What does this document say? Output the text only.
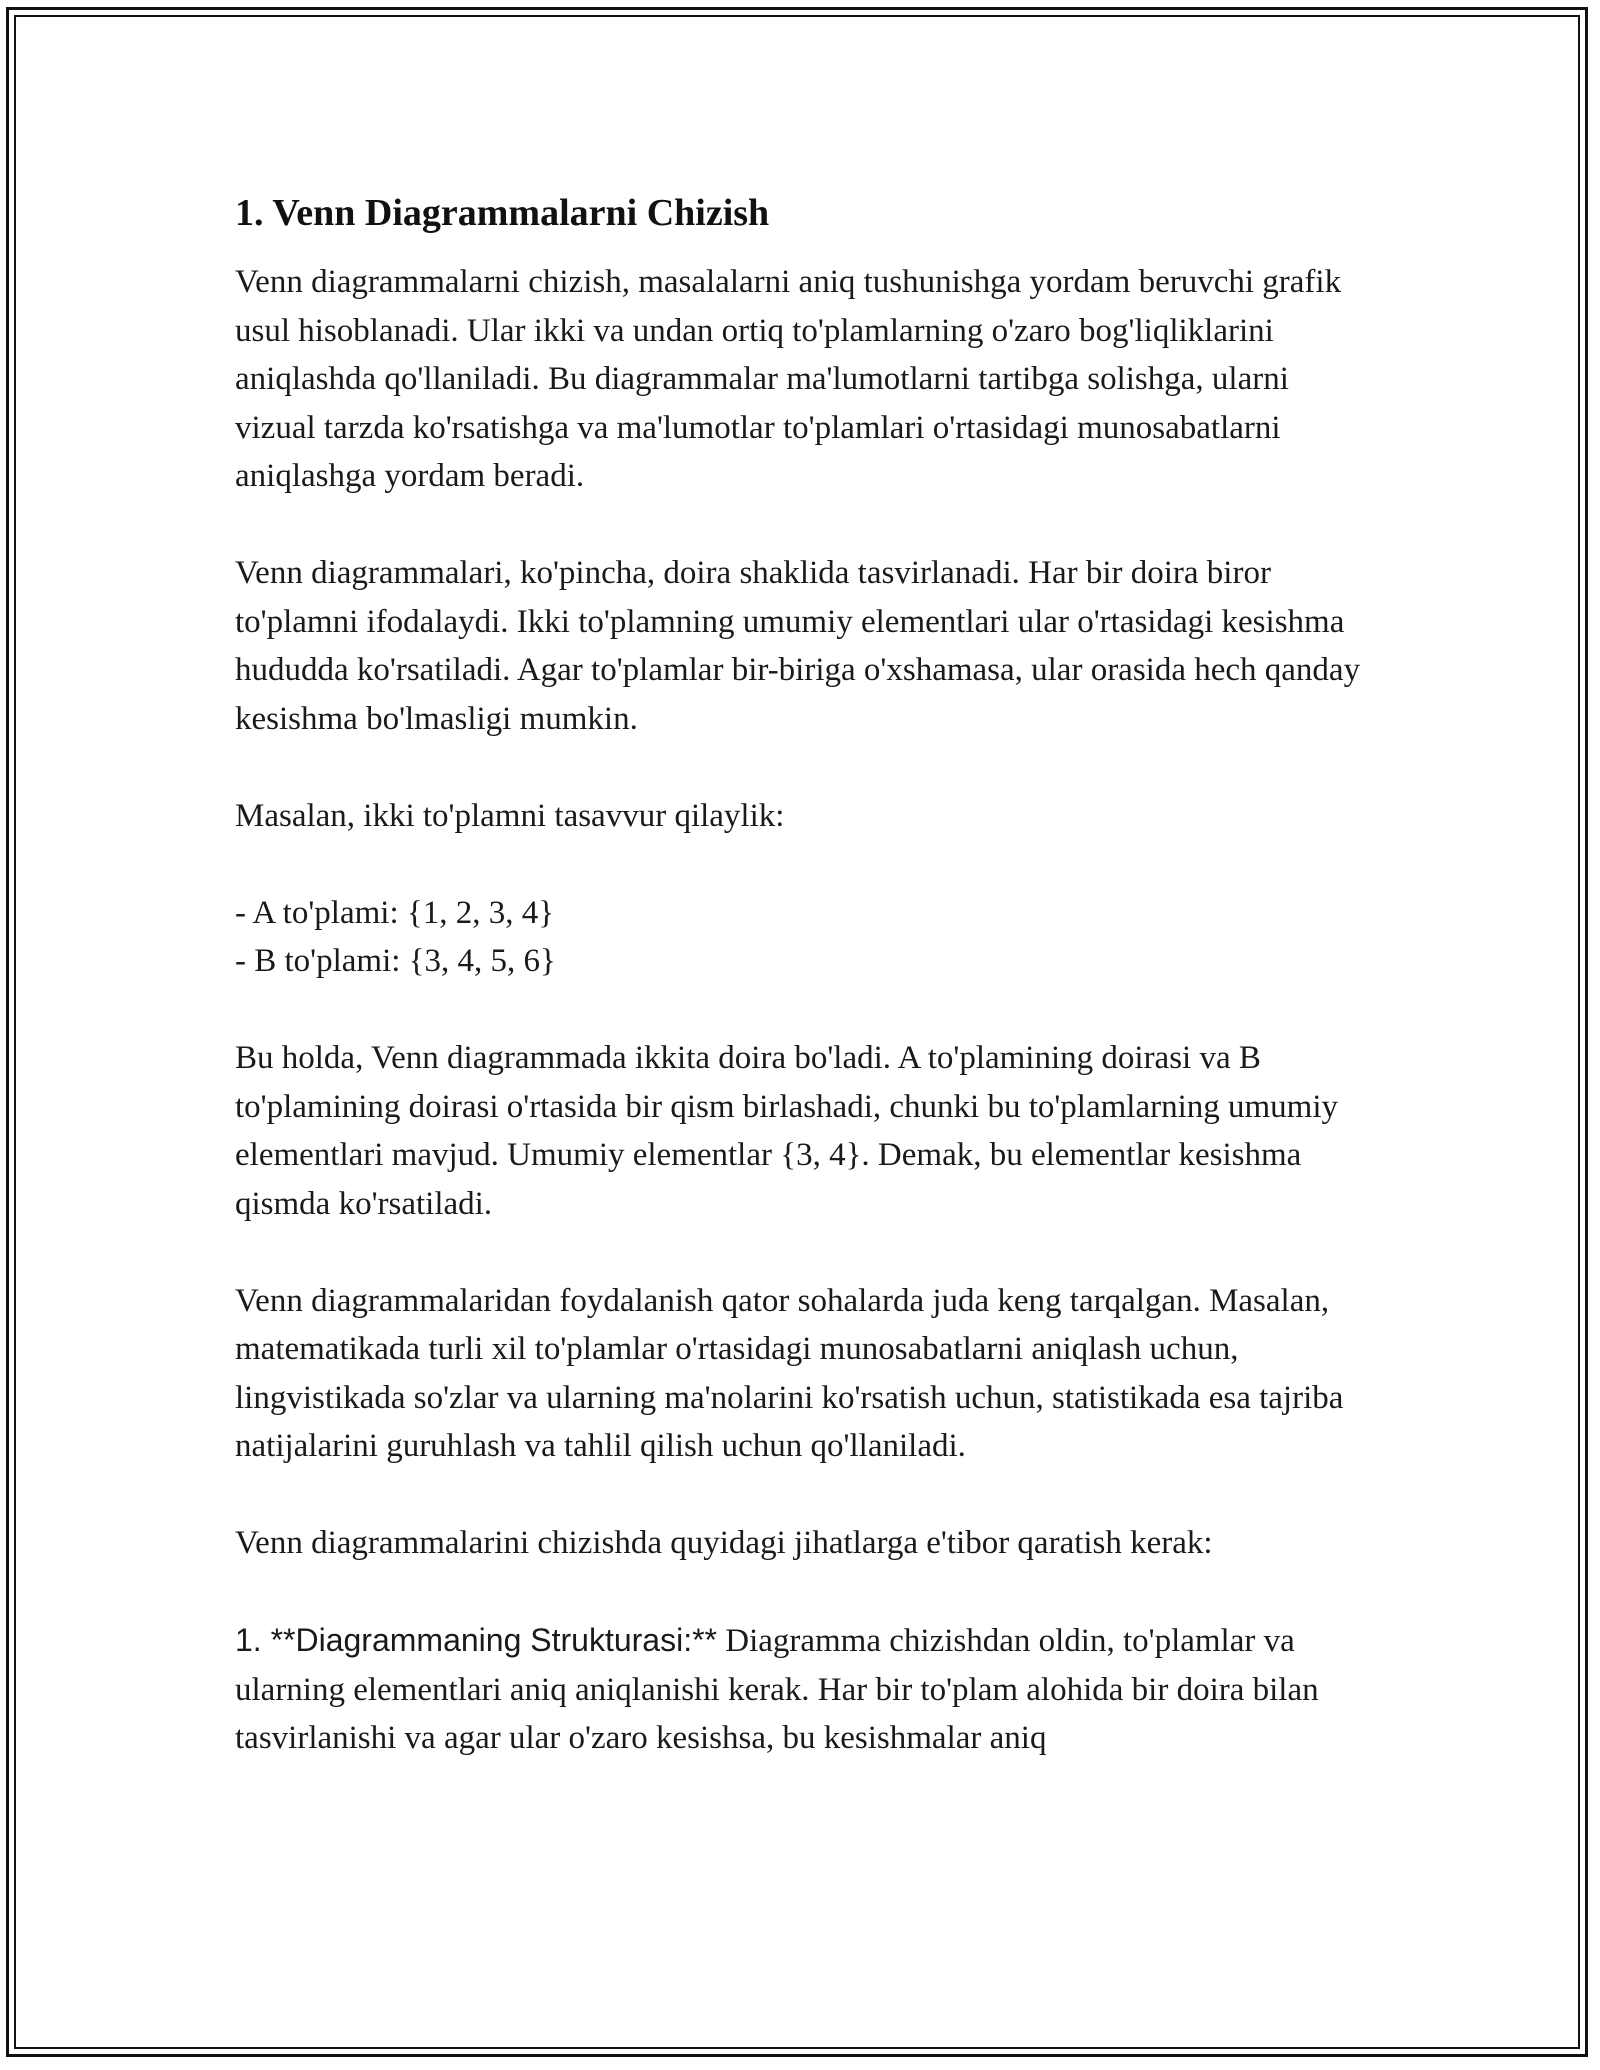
1. Venn Diagrammalarni Chizish

Venn diagrammalarni chizish, masalalarni aniq tushunishga yordam beruvchi grafik usul hisoblanadi. Ular ikki va undan ortiq to'plamlarning o'zaro bog'liqliklarini aniqlashda qo'llaniladi. Bu diagrammalar ma'lumotlarni tartibga solishga, ularni vizual tarzda ko'rsatishga va ma'lumotlar to'plamlari o'rtasidagi munosabatlarni aniqlashga yordam beradi.

Venn diagrammalari, ko'pincha, doira shaklida tasvirlanadi. Har bir doira biror to'plamni ifodalaydi. Ikki to'plamning umumiy elementlari ular o'rtasidagi kesishma hududda ko'rsatiladi. Agar to'plamlar bir-biriga o'xshamasa, ular orasida hech qanday kesishma bo'lmasligi mumkin.

Masalan, ikki to'plamni tasavvur qilaylik:

- A to'plami: {1, 2, 3, 4}

- B to'plami: {3, 4, 5, 6}

Bu holda, Venn diagrammada ikkita doira bo'ladi. A to'plamining doirasi va B to'plamining doirasi o'rtasida bir qism birlashadi, chunki bu to'plamlarning umumiy elementlari mavjud. Umumiy elementlar {3, 4}. Demak, bu elementlar kesishma qismda ko'rsatiladi.

Venn diagrammalaridan foydalanish qator sohalarda juda keng tarqalgan. Masalan, matematikada turli xil to'plamlar o'rtasidagi munosabatlarni aniqlash uchun, lingvistikada so'zlar va ularning ma'nolarini ko'rsatish uchun, statistikada esa tajriba natijalarini guruhlash va tahlil qilish uchun qo'llaniladi.

Venn diagrammalarini chizishda quyidagi jihatlarga e'tibor qaratish kerak:

1. **Diagrammaning Strukturasi:** Diagramma chizishdan oldin, to'plamlar va ularning elementlari aniq aniqlanishi kerak. Har bir to'plam alohida bir doira bilan tasvirlanishi va agar ular o'zaro kesishsa, bu kesishmalar aniq
